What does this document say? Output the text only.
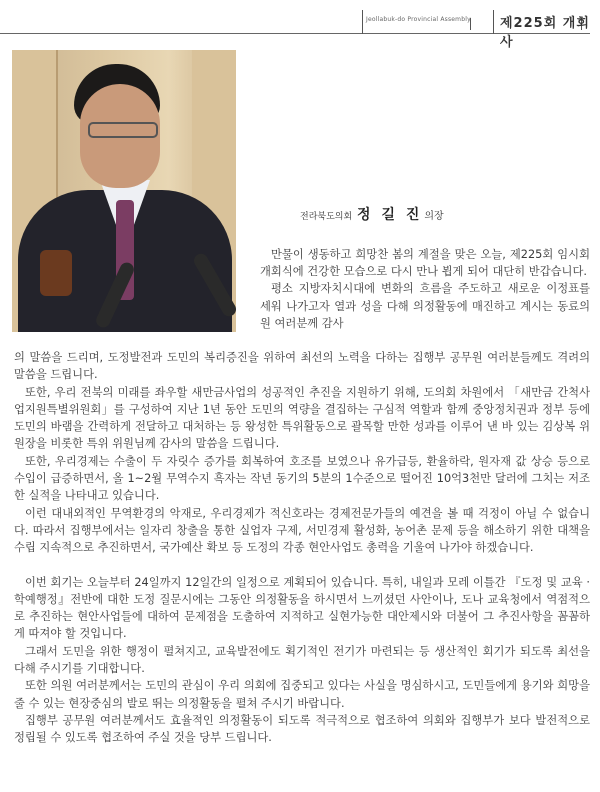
Jeollabuk-do Provincial Assembly 제225회 개회사
전라북도의회 정 길 진 의장

만물이 생동하고 희망찬 봄의 계절을 맞은 오늘, 제225회 임시회 개회식에 건강한 모습으로 다시 만나 뵙게 되어 대단히 반갑습니다.

평소 지방자치시대에 변화의 흐름을 주도하고 새로운 이정표를 세워 나가고자 열과 성을 다해 의정활동에 매진하고 계시는 동료의원 여러분께 감사

의 말씀을 드리며, 도정발전과 도민의 복리증진을 위하여 최선의 노력을 다하는 집행부 공무원 여러분들께도 격려의 말씀을 드립니다.

또한, 우리 전북의 미래를 좌우할 새만금사업의 성공적인 추진을 지원하기 위해, 도의회 차원에서 「새만금 간척사업지원특별위원회」를 구성하여 지난 1년 동안 도민의 역량을 결집하는 구심적 역할과 함께 중앙정치권과 정부 등에 도민의 바램을 간력하게 전달하고 대처하는 등 왕성한 특위활동으로 괄목할 만한 성과를 이루어 낸 바 있는 김상복 위원장을 비롯한 특위 위원님께 감사의 말씀을 드립니다.

또한, 우리경제는 수출이 두 자릿수 증가를 회복하여 호조를 보였으나 유가급등, 환율하락, 원자재 값 상승 등으로 수입이 급증하면서, 올 1~2월 무역수지 흑자는 작년 동기의 5분의 1수준으로 떨어진 10억3천만 달러에 그치는 저조한 실적을 나타내고 있습니다.

이런 대내외적인 무역환경의 악재로, 우리경제가 적신호라는 경제전문가들의 예견을 볼 때 걱정이 아닐 수 없습니다. 따라서 집행부에서는 일자리 창출을 통한 실업자 구제, 서민경제 활성화, 농어촌 문제 등을 해소하기 위한 대책을 수립 지속적으로 추진하면서, 국가예산 확보 등 도정의 각종 현안사업도 총력을 기울여 나가야 하겠습니다.

이번 회기는 오늘부터 24일까지 12일간의 일정으로 계획되어 있습니다. 특히, 내일과 모레 이틀간 『도정 및 교육 · 학예행정』전반에 대한 도정 질문시에는 그동안 의정활동을 하시면서 느끼셨던 사안이나, 도나 교육청에서 역점적으로 추진하는 현안사업들에 대하여 문제점을 도출하여 지적하고 실현가능한 대안제시와 더불어 그 추진사항을 꼼꼼하게 따져야 할 것입니다.

그래서 도민을 위한 행정이 펼쳐지고, 교육발전에도 획기적인 전기가 마련되는 등 생산적인 회기가 되도록 최선을 다해 주시기를 기대합니다.

또한 의원 여러분께서는 도민의 관심이 우리 의회에 집중되고 있다는 사실을 명심하시고, 도민들에게 용기와 희망을 줄 수 있는 현장중심의 발로 뛰는 의정활동을 펼쳐 주시기 바랍니다.

집행부 공무원 여러분께서도 효율적인 의정활동이 되도록 적극적으로 협조하여 의회와 집행부가 보다 발전적으로 정립될 수 있도록 협조하여 주실 것을 당부 드립니다.
